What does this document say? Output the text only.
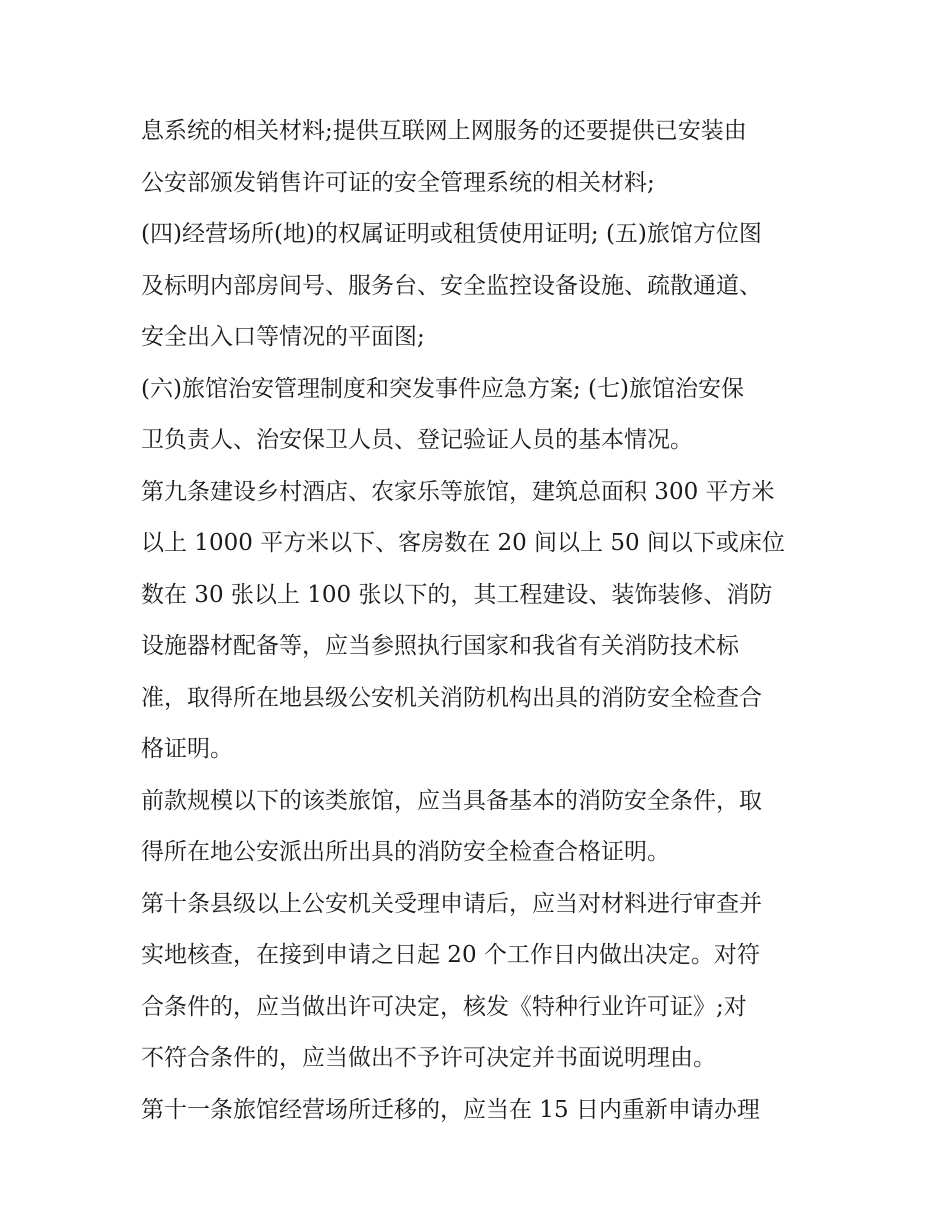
息系统的相关材料;提供互联网上网服务的还要提供已安装由
公安部颁发销售许可证的安全管理系统的相关材料;
(四)经营场所(地)的权属证明或租赁使用证明; (五)旅馆方位图
及标明内部房间号、服务台、安全监控设备设施、疏散通道、
安全出入口等情况的平面图;
(六)旅馆治安管理制度和突发事件应急方案; (七)旅馆治安保
卫负责人、治安保卫人员、登记验证人员的基本情况。
第九条建设乡村酒店、农家乐等旅馆，建筑总面积 300 平方米
以上 1000 平方米以下、客房数在 20 间以上 50 间以下或床位
数在 30 张以上 100 张以下的，其工程建设、装饰装修、消防
设施器材配备等，应当参照执行国家和我省有关消防技术标
准，取得所在地县级公安机关消防机构出具的消防安全检查合
格证明。
前款规模以下的该类旅馆，应当具备基本的消防安全条件，取
得所在地公安派出所出具的消防安全检查合格证明。
第十条县级以上公安机关受理申请后，应当对材料进行审查并
实地核查，在接到申请之日起 20 个工作日内做出决定。对符
合条件的，应当做出许可决定，核发《特种行业许可证》;对
不符合条件的，应当做出不予许可决定并书面说明理由。
第十一条旅馆经营场所迁移的，应当在 15 日内重新申请办理
